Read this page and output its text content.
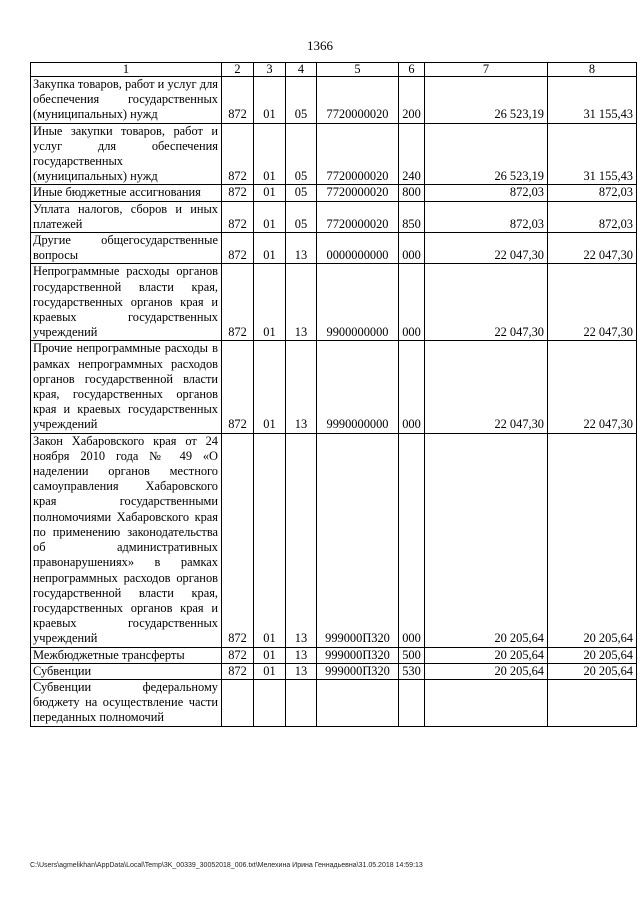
1366
1	2	3	4	5	6	7	8
Закупка товаров, работ и услуг для обеспечения государственных (муниципальных) нужд	872	01	05	7720000020	200	26 523,19	31 155,43
Иные закупки товаров, работ и услуг для обеспечения государственных (муниципальных) нужд	872	01	05	7720000020	240	26 523,19	31 155,43
Иные бюджетные ассигнования	872	01	05	7720000020	800	872,03	872,03
Уплата налогов, сборов и иных платежей	872	01	05	7720000020	850	872,03	872,03
Другие общегосударственные вопросы	872	01	13	0000000000	000	22 047,30	22 047,30
Непрограммные расходы органов государственной власти края, государственных органов края и краевых государственных учреждений	872	01	13	9900000000	000	22 047,30	22 047,30
Прочие непрограммные расходы в рамках непрограммных расходов органов государственной власти края, государственных органов края и краевых государственных учреждений	872	01	13	9990000000	000	22 047,30	22 047,30
Закон Хабаровского края от 24 ноября 2010 года № 49 «О наделении органов местного самоуправления Хабаровского края государственными полномочиями Хабаровского края по применению законодательства об административных правонарушениях» в рамках непрограммных расходов органов государственной власти края, государственных органов края и краевых государственных учреждений	872	01	13	999000П320	000	20 205,64	20 205,64
Межбюджетные трансферты	872	01	13	999000П320	500	20 205,64	20 205,64
Субвенции	872	01	13	999000П320	530	20 205,64	20 205,64
Субвенции федеральному бюджету на осуществление части переданных полномочий							
C:\Users\agmelikhan\AppData\Local\Temp\3K_00339_30052018_006.txt\Мелехина Ирина Геннадьевна\31.05.2018 14:59:13
